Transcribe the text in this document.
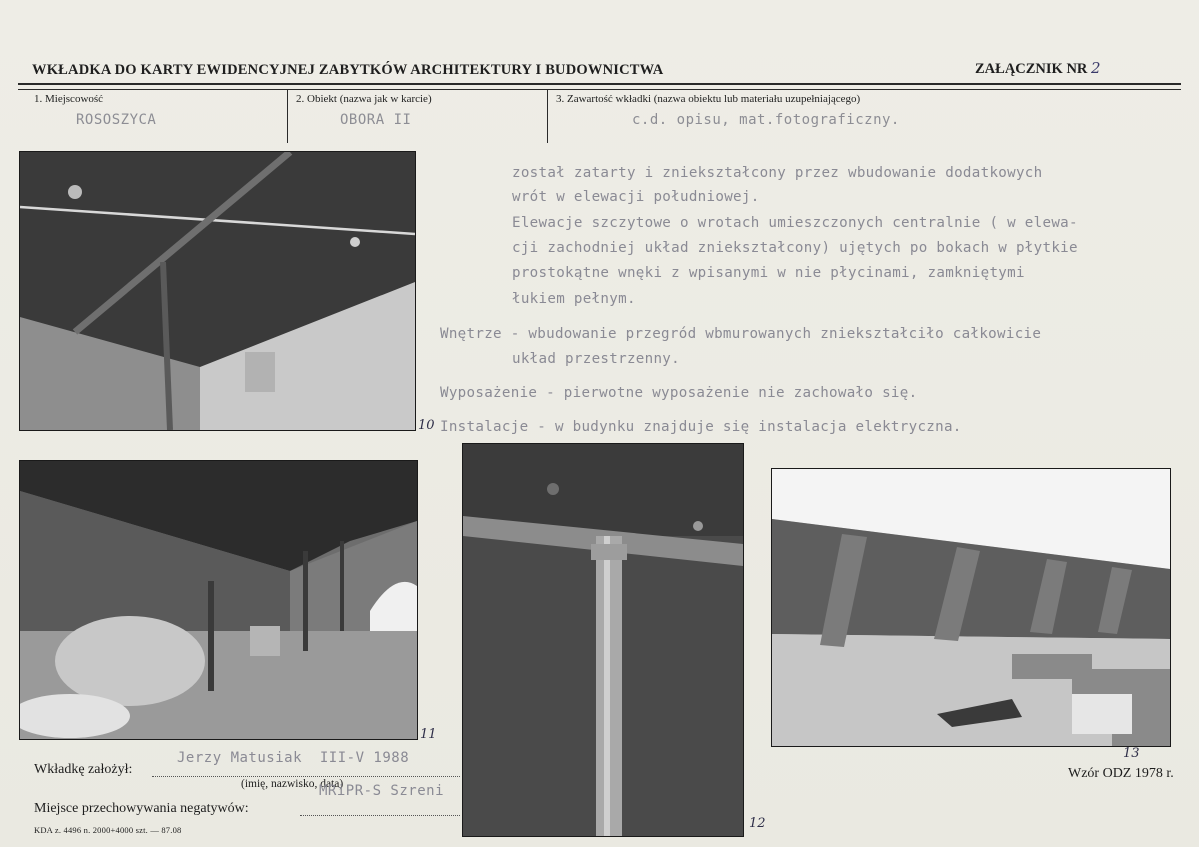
WKŁADKA DO KARTY EWIDENCYJNEJ ZABYTKÓW ARCHITEKTURY I BUDOWNICTWA	ZAŁĄCZNIK NR 2
1. Miejscowość
ROSOSZYCA
2. Obiekt (nazwa jak w karcie)
OBORA II
3. Zawartość wkładki (nazwa obiektu lub materiału uzupełniającego)
c.d. opisu, mat.fotograficzny.
został zatarty i zniekształcony przez wbudowanie dodatkowych
wrót w elewacji południowej.
Elewacje szczytowe o wrotach umieszczonych centralnie ( w elewa-
cji zachodniej układ zniekształcony) ujętych po bokach w płytkie
prostokątne wnęki z wpisanymi w nie płycinami, zamkniętymi
łukiem pełnym.
Wnętrze - wbudowanie przegród wbmurowanych zniekształciło całkowicie
układ przestrzenny.
Wyposażenie - pierwotne wyposażenie nie zachowało się.
Instalacje - w budynku znajduje się instalacja elektryczna.
10
11
12
13
Wkładkę założył:
Jerzy Matusiak  III-V 1988
(imię, nazwisko, data)
Miejsce przechowywania negatywów:
MRiPR-S Szreni
KDA z. 4496 n. 2000+4000 szt. — 87.08
Wzór ODZ 1978 r.
